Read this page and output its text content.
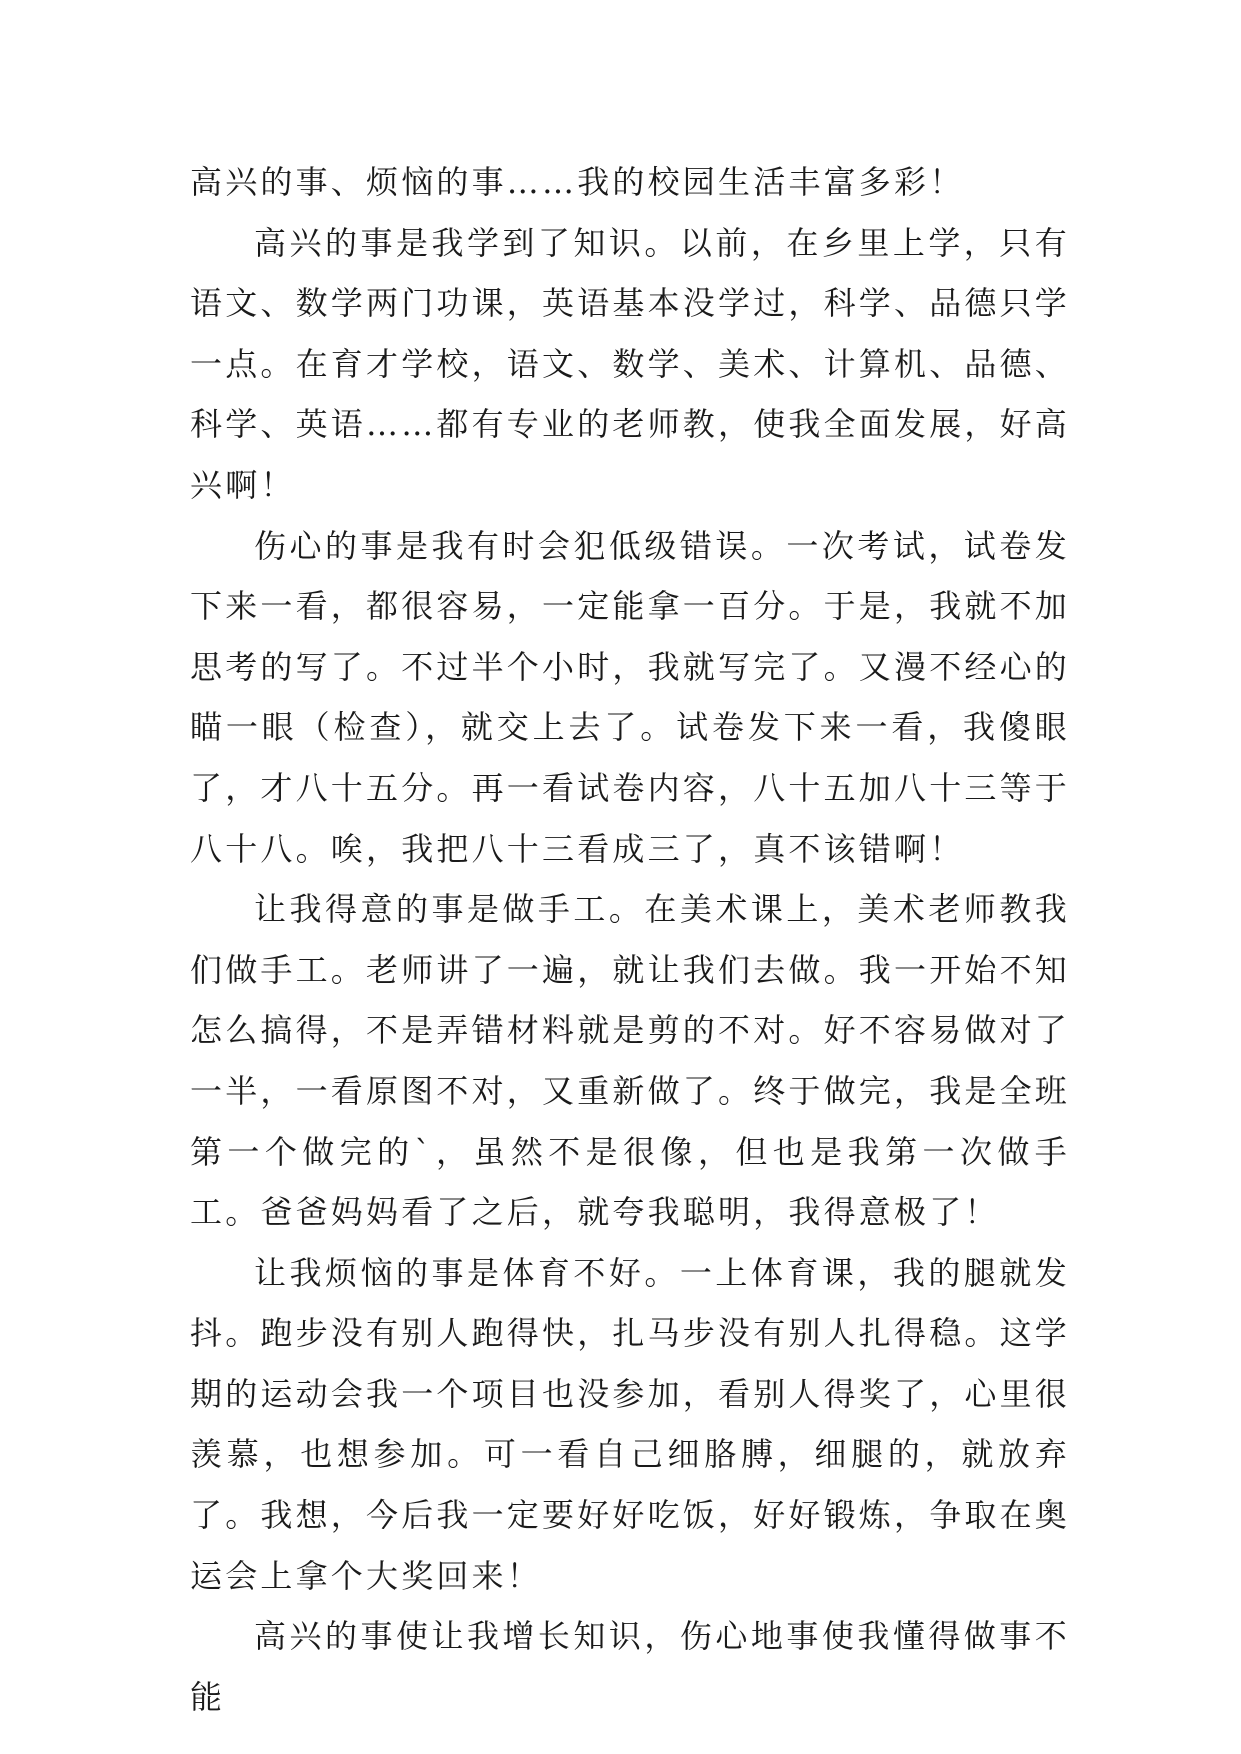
高兴的事、烦恼的事……我的校园生活丰富多彩！

高兴的事是我学到了知识。以前，在乡里上学，只有语文、数学两门功课，英语基本没学过，科学、品德只学一点。在育才学校，语文、数学、美术、计算机、品德、科学、英语……都有专业的老师教，使我全面发展，好高兴啊！

伤心的事是我有时会犯低级错误。一次考试，试卷发下来一看，都很容易，一定能拿一百分。于是，我就不加思考的写了。不过半个小时，我就写完了。又漫不经心的瞄一眼（检查），就交上去了。试卷发下来一看，我傻眼了，才八十五分。再一看试卷内容，八十五加八十三等于八十八。唉，我把八十三看成三了，真不该错啊！

让我得意的事是做手工。在美术课上，美术老师教我们做手工。老师讲了一遍，就让我们去做。我一开始不知怎么搞得，不是弄错材料就是剪的不对。好不容易做对了一半，一看原图不对，又重新做了。终于做完，我是全班第一个做完的`，虽然不是很像，但也是我第一次做手工。爸爸妈妈看了之后，就夸我聪明，我得意极了！

让我烦恼的事是体育不好。一上体育课，我的腿就发抖。跑步没有别人跑得快，扎马步没有别人扎得稳。这学期的运动会我一个项目也没参加，看别人得奖了，心里很羡慕，也想参加。可一看自己细胳膊，细腿的，就放弃了。我想，今后我一定要好好吃饭，好好锻炼，争取在奥运会上拿个大奖回来！

高兴的事使让我增长知识，伤心地事使我懂得做事不能
